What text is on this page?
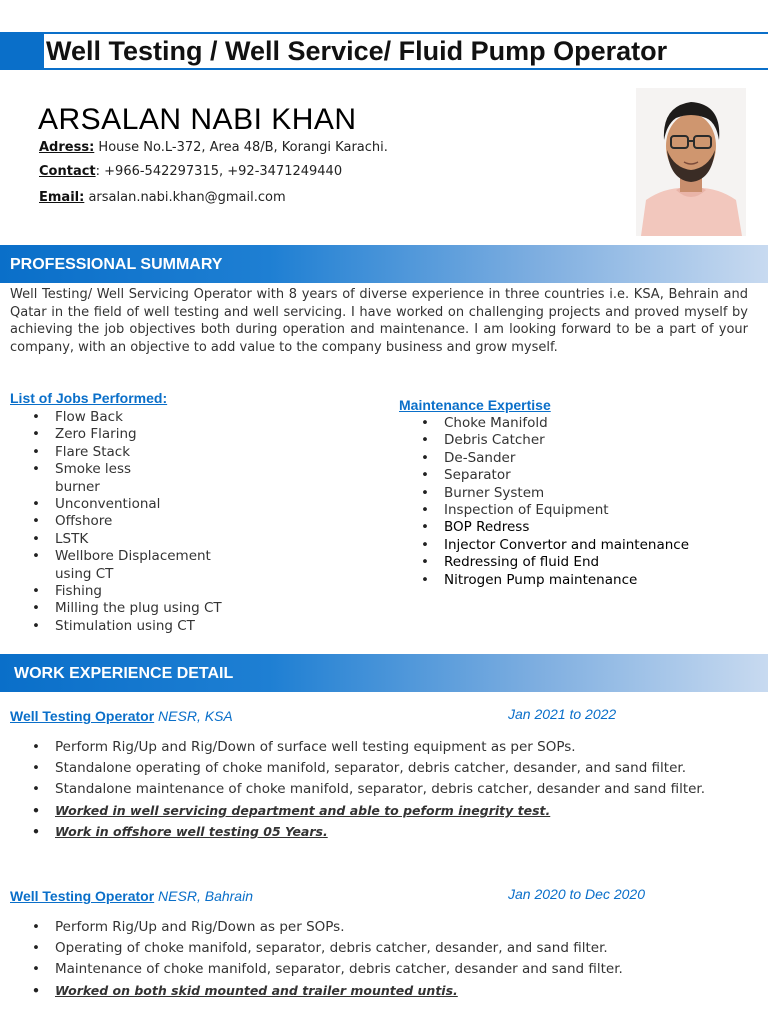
Well Testing / Well Service/ Fluid Pump Operator
ARSALAN NABI KHAN
Adress: House No.L-372, Area 48/B, Korangi Karachi.
Contact: +966-542297315, +92-3471249440
Email: arsalan.nabi.khan@gmail.com
PROFESSIONAL SUMMARY
Well Testing/ Well Servicing Operator with 8 years of diverse experience in three countries i.e. KSA, Behrain and Qatar in the field of well testing and well servicing. I have worked on challenging projects and proved myself by achieving the job objectives both during operation and maintenance. I am looking forward to be a part of your company, with an objective to add value to the company business and grow myself.
List of Jobs Performed:
• Flow Back
• Zero Flaring
• Flare Stack
• Smoke less burner
• Unconventional
• Offshore
• LSTK
• Wellbore Displacement using CT
• Fishing
• Milling the plug using CT
• Stimulation using CT
Maintenance Expertise
• Choke Manifold
• Debris Catcher
• De-Sander
• Separator
• Burner System
• Inspection of Equipment
• BOP Redress
• Injector Convertor and maintenance
• Redressing of fluid End
• Nitrogen Pump maintenance
WORK EXPERIENCE DETAIL
Well Testing Operator NESR, KSA	Jan 2021 to 2022
• Perform Rig/Up and Rig/Down of surface well testing equipment as per SOPs.
• Standalone operating of choke manifold, separator, debris catcher, desander, and sand filter.
• Standalone maintenance of choke manifold, separator, debris catcher, desander and sand filter.
• Worked in well servicing department and able to peform inegrity test.
• Work in offshore well testing 05 Years.
Well Testing Operator NESR, Bahrain	Jan 2020 to Dec 2020
• Perform Rig/Up and Rig/Down as per SOPs.
• Operating of choke manifold, separator, debris catcher, desander, and sand filter.
• Maintenance of choke manifold, separator, debris catcher, desander and sand filter.
• Worked on both skid mounted and trailer mounted untis.
